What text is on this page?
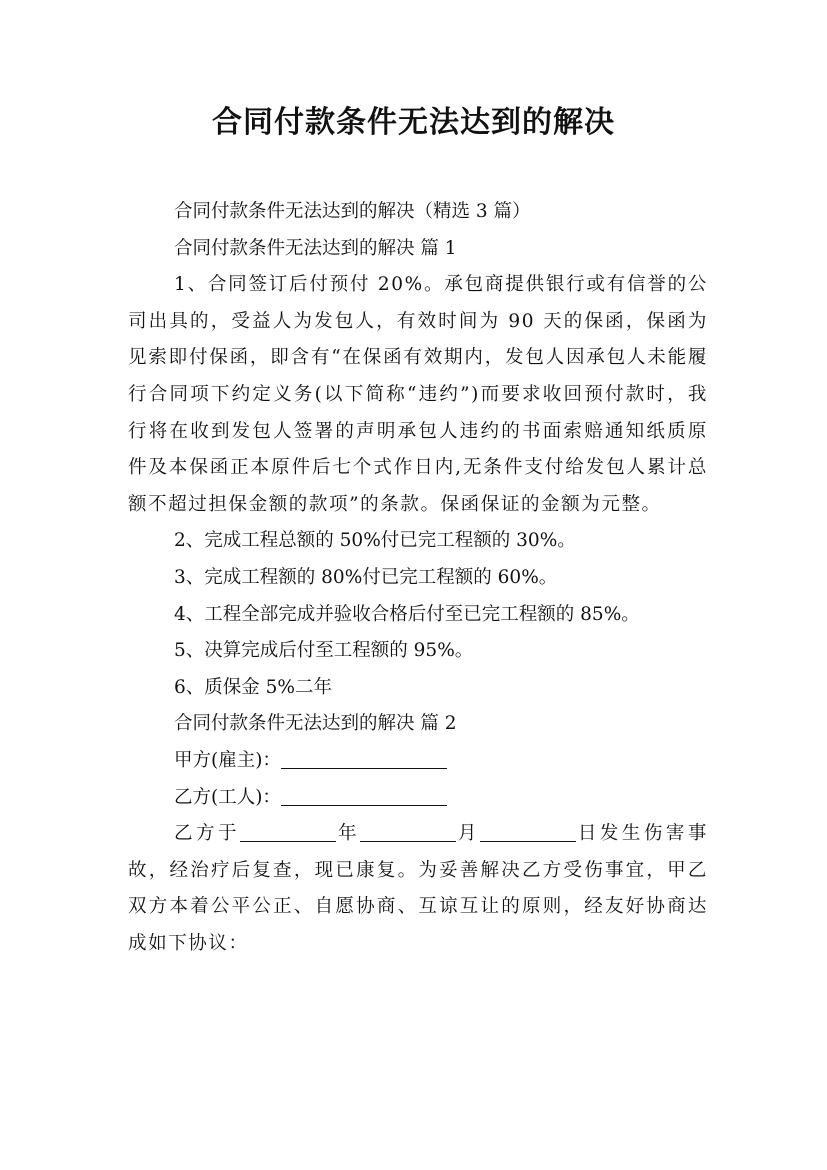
合同付款条件无法达到的解决

合同付款条件无法达到的解决（精选 3 篇）

合同付款条件无法达到的解决 篇 1

1、合同签订后付预付 20%。承包商提供银行或有信誉的公司出具的，受益人为发包人，有效时间为 90 天的保函，保函为见索即付保函，即含有“在保函有效期内，发包人因承包人未能履行合同项下约定义务(以下简称“违约”)而要求收回预付款时，我行将在收到发包人签署的声明承包人违约的书面索赔通知纸质原件及本保函正本原件后七个式作日内,无条件支付给发包人累计总额不超过担保金额的款项”的条款。保函保证的金额为元整。

2、完成工程总额的 50%付已完工程额的 30%。

3、完成工程额的 80%付已完工程额的 60%。

4、工程全部完成并验收合格后付至已完工程额的 85%。

5、决算完成后付至工程额的 95%。

6、质保金 5%二年

合同付款条件无法达到的解决 篇 2

甲方(雇主)：

乙方(工人)：

乙方于	年	月	日发生伤害事故，经治疗后复查，现已康复。为妥善解决乙方受伤事宜，甲乙双方本着公平公正、自愿协商、互谅互让的原则，经友好协商达成如下协议：
